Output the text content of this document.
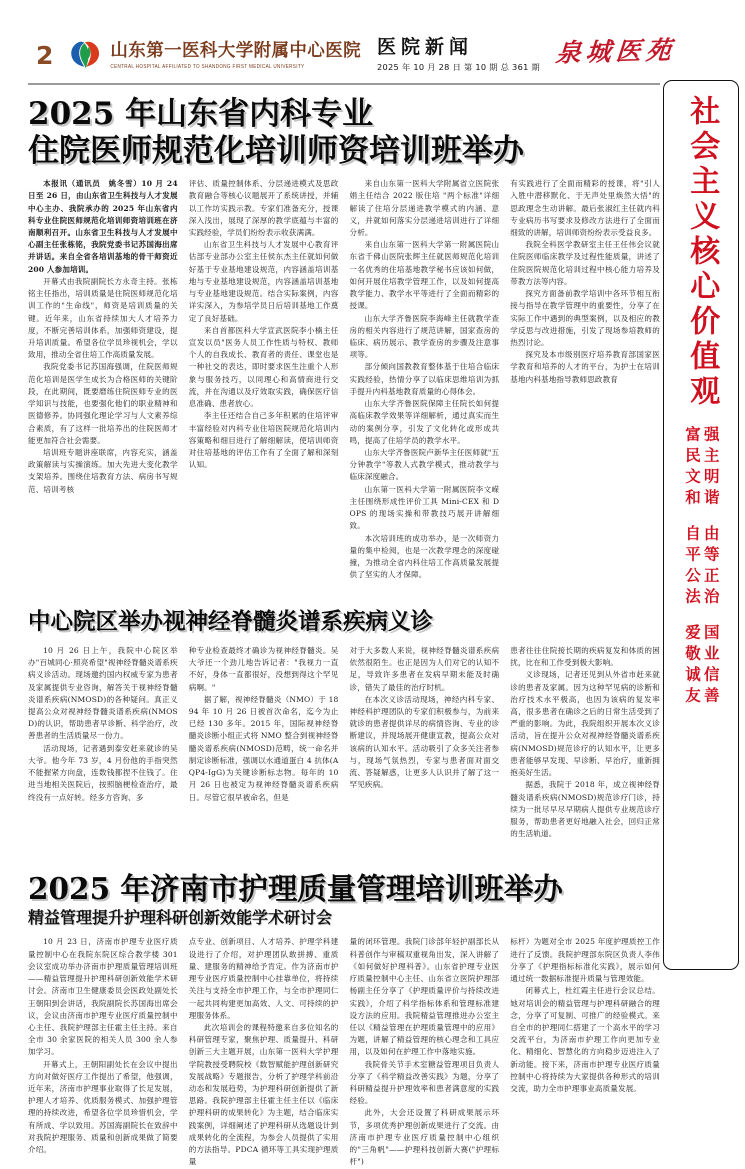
2	山东第一医科大学附属中心医院
CENTRAL HOSPITAL AFFILIATED TO SHANDONG FIRST MEDICAL UNIVERSITY
医院新闻
2025 年 10 月 28 日 第 10 期 总 361 期 泉城医苑
社会主义核心价值观
强主明谐
富民文和
由等正治
自平公法
国业信善
爱敬诚友
2025 年山东省内科专业
住院医师规范化培训师资培训班举办

本报讯（通讯员　姚冬雪）10 月 24 日至 26 日，由山东省卫生科技与人才发展中心主办、我院承办的 2025 年山东省内科专业住院医师规范化培训师资培训班在济南顺利召开。山东省卫生科技与人才发展中心副主任张栋铭，我院党委书记苏国海出席并讲话。来自全省各培训基地的骨干师资近 200 人参加培训。

开幕式由我院副院长方永奇主持。张栋铭主任指出，培训质量是住院医师规范化培训工作的"生命线"，师资是培训质量的关键。近年来，山东省持续加大人才培养力度，不断完善培训体系，加强师资建设，提升培训质量。希望各位学员珍视机会，学以致用，推动全省住培工作高质量发展。

我院党委书记苏国海强调，住院医师规范化培训是医学生成长为合格医师的关键阶段，在此期间，既要磨练住院医师专业的医学知识与技能，也要强化他们的职业精神和医德修养。协同强化理论学习与人文素养综合素质，有了这样一批培养出的住院医师才能更加符合社会需要。

培训班专题讲座联席，内容充实，涵盖政策解读与实操演练。加大先进大变化教学支架培养。围绕住培教育方法、病房书写规范、培训考核

评估、质量控制体系、分层递进模式及思政教育融合等核心议题展开了系统讲授，并辅以工作坊实践示教。专家们准备充分，授课深入浅出，展现了深厚的教学底蕴与丰富的实践经验，学员们纷纷表示收获满满。

山东省卫生科技与人才发展中心教育评估部专业部办公室主任侯东杰主任就如何做好基于专业基地建设规范，内容涵盖培训基地与专业基地建设规范，内容涵盖培训基地与专业基地建设规范。结合实际案例，内容详实深入，为参培学员日后培训基地工作奠定了良好基础。

来自首都医科大学宣武医院李小楠主任宣发以员"医务人员工作性质与特权、教师个人的自我成长、教育者的责任、课堂也是一种社交的表达，即时要求医生注重个人形象与服务技巧，以同理心和高情商进行交流，并在沟通以及疗效取实践，确保医疗信息准确、患者放心。

李主任还结合自己多年积累的住培评审丰富经验对内科专业住培医院规范化培训内容策略和细目进行了解细解读，使培训师资对住培基地的评估工作有了全面了解和深刻认知。

来自山东第一医科大学附属省立医院张娟主任结合 2022 版住培 "两个标准"详细解读了住培分层递进教学模式的内涵、意义，并就如何落实分层递进培训进行了详细分析。

来自山东第一医科大学第一附属医院山东省千佛山医院张辉主任就医师规范化培训一名优秀的住培基地教学秘书应该如何做，如何开展住培教学管理工作，以及如何提高教学能力、教学水平等进行了全面而精彩的授课。

山东大学齐鲁医院李海峰主任就教学查房的相关内容进行了规范讲解，国家查房的临床、病历展示、教学查房的步骤及注意事项等。

部分倾向国教教育整体基于住培合临床实践经验，热情分享了以临床思维培训为抓手提升内科基地教育质量的心得体会。

山东大学齐鲁医院保障主任院长如何提高临床教学效果等详细解析，通过真实而生动的案例分享，引发了文化转化或形成共鸣，提高了住培学员的教学水平。

山东大学齐鲁医院卢新华主任医师就"五分钟教学"等教人式教学模式，推动教学与临床深度融合。

山东第一医科大学第一附属医院李文嵘主任围绕形成性评价工具 Mini-CEX 和 DOPS 的现场实操和带教技巧展开讲解细致。

本次培训班的成功举办，是一次师资力量的集中检阅，也是一次教学理念的深度碰撞，为推动全省内科住培工作高质量发展提供了坚实的人才保障。

有实践进行了全面而精彩的授课，将"引人入胜中潜移默化、于无声处里焕然大悟"的思政理念生动讲解。最后张淑红主任就内科专业病历书写要求及修改方法进行了全面而细致的讲解，培训师资纷纷表示受益良多。

我院全科医学教研室主任王任伟会议就住院医师临床教学及过程性能质量，讲述了住院医院规范化培训过程中核心能力培养及带教方法等内容。

探究方面备前教学培训中各环节相互衔接与指导在教学管理中的重要性，分享了在实际工作中遇到的典型案例，以及相应的教学反思与改进措施，引发了现场参培教师的热烈讨论。

探究及本市级别医疗培养教育部国家医学教育和培养的人才的平台，为护士在培训基地内科基地指导教师思政教育

中心院区举办视神经脊髓炎谱系疾病义诊

10 月 26 日上午，我院中心院区举办"百城同心·照亮希望"视神经脊髓炎谱系疾病义诊活动。现场邀约国内权威专家为患者及家属提供专业咨询，解答关于视神经脊髓炎谱系疾病(NMOSD)的各种疑问。真正义提高公众对视神经脊髓炎谱系疾病(NMOSD)的认识，帮助患者早诊断、科学治疗，改善患者的生活质量尽一份力。

活动现场，记者遇到泰安赶来就诊的吴大爷。他今年 73 岁，4 月份他的手指突然不能握紧方向盘，连数钱都捏不住钱了。住进当地相关医院后，按照脑梗检查治疗，最终没有一点好转。经多方咨询、多

种专业检查最终才确诊为视神经脊髓炎。吴大爷还一个劲儿地告诉记者："我视力一直不好，身体一直都很好，没想到得这个罕见病啊。"

据了解，视神经脊髓炎（NMO）于 1894 年 10 月 26 日被首次命名，迄今为止已经 130 多年。2015 年，国际视神经脊髓炎诊断小组正式将 NMO 整合到视神经脊髓炎谱系疾病(NMOSD)范畴，统一命名并制定诊断标准，强调以水通道蛋白 4 抗体(AQP4-IgG)为关键诊断标志物。每年的 10 月 26 日也被定为视神经脊髓炎谱系疾病日。尽管它很早被命名，但是

对于大多数人来说，视神经脊髓炎谱系疾病依然很陌生。也正是因为人们对它的认知不足，导致许多患者在发病早期未能及时确诊，错失了最佳的治疗时机。

在本次义诊活动现场，神经内科专家、神经科护理团队的专家们积极参与，为前来就诊的患者提供详尽的病情咨询、专业的诊断建议，并现场展开健康宣教，提高公众对该病的认知水平。活动吸引了众多关注者参与，现场气氛热烈，专家与患者面对面交流、答疑解惑，让更多人认识并了解了这一罕见疾病。

患者往往住院接长期的疾病复发和体质的困扰，比在和工作受到极大影响。

义诊现场，记者还见到从外省市赶来就诊的患者及家属。因为这种罕见病的诊断和治疗技术水平极高，也因为该病的复发率高，很多患者在确诊之后的日常生活受到了严重的影响。为此，我院组织开展本次义诊活动，旨在提升公众对视神经脊髓炎谱系疾病(NMOSD)规范诊疗的认知水平，让更多患者能够早发现、早诊断、早治疗，重新拥抱美好生活。

据悉，我院于 2018 年，成立视神经脊髓炎谱系疾病(NMOSD)规范诊疗门诊，持续为一批尽早尽早期病人提供专业规范诊疗服务，帮助患者更好地融入社会，回归正常的生活轨道。

2025 年济南市护理质量管理培训班举办
精益管理提升护理科研创新效能学术研讨会

10 月 23 日，济南市护理专业医疗质量控制中心在我院东院区综合教学楼 301 会议室成功举办济南市护理质量管理培训班——精益管理提升护理科研创新效能学术研讨会。济南市卫生健康委员会医政处副处长王朝阳到会讲话，我院副院长苏国海出席会议，会议由济南市护理专业医疗质量控制中心主任、我院护理部主任霍主任主持。来自全市 30 余家医院的相关人员 300 余人参加学习。

开幕式上，王朝阳副处长在会议中提出方向对做好医疗工作提出了希望，他强调，近年来，济南市护理事业取得了长足发展，护理人才培养、优质服务模式、加强护理管理的持续改进，希望各位学员珍惜机会，学有所成、学以致用。苏国海副院长在致辞中对我院护理服务、质量和创新成果做了简要介绍。

点专业、创新项目、人才培养、护理学科建设进行了介绍，对护理团队敢拼搏、重质量、建服务的精神给予肯定。作为济南市护理专业医疗质量控制中心挂靠单位，将持续关注与支持全市护理工作，与全市护理同仁一起共同构建更加高效、人文、可持续的护理服务体系。

此次培训会的课程特邀来自多位知名的科研管理专家，聚焦护理、质量提升、科研创新三大主题开展，山东第一医科大学护理学院教授受聘院校《数智赋能护理创新研究发展战略》专题报告，分析了护理学科前沿动态和发展趋势，为护理科研创新提供了新思路。我院护理部主任霍主任主任以《临床护理科研的成果转化》为主题，结合临床实践案例，详细阐述了护理科研从选题设计到成果转化的全流程，为参会人员提供了实用的方法指导。PDCA 循环等工具实现护理质量

量的闭环管理。我院门诊部年轻护副部长从科普创作与审稿双重视角出发，深入讲解了《如何做好护理科普》。山东省护理专业医疗质量控制中心主任、山东省立医院护理部杨副主任分享了《护理质量评价与持续改进实践》，介绍了科学指标体系和管理标准建设方法的应用。我院精益管理推进办公室主任以《精益管理在护理质量管理中的应用》为题，讲解了精益管理的核心理念和工具应用，以及如何在护理工作中落地实施。

我院骨关节手术室糖益管理项目负责人分享了《科学精益改善实践》为题，分享了科研精益提升护理效率和患者满意度的实践经验。

此外，大会还设置了科研成果展示环节，多项优秀护理创新成果进行了交流。由济南市护理专业医疗质量控制中心组织的"三角帆"——护理科技创新大赛("护理标杆")

标杆）为题对全市 2025 年度护理质控工作进行了反馈。我院护理部东院区负责人李伟分享了《护理指标标准化实践》，展示如何通过统一数据标准提升质量与管理效能。

闭幕式上，杜红霞主任进行会议总结。她对培训会的精益管理与护理科研融合的理念，分享了可复制、可推广的经验模式。来自全市的护理同仁搭建了一个高水平的学习交流平台，为济南市护理工作向更加专业化、精细化、智慧化的方向稳步迈进注入了新动能。接下来，济南市护理专业医疗质量控制中心将持续为大家提供各种形式的培训交流，助力全市护理事业高质量发展。
